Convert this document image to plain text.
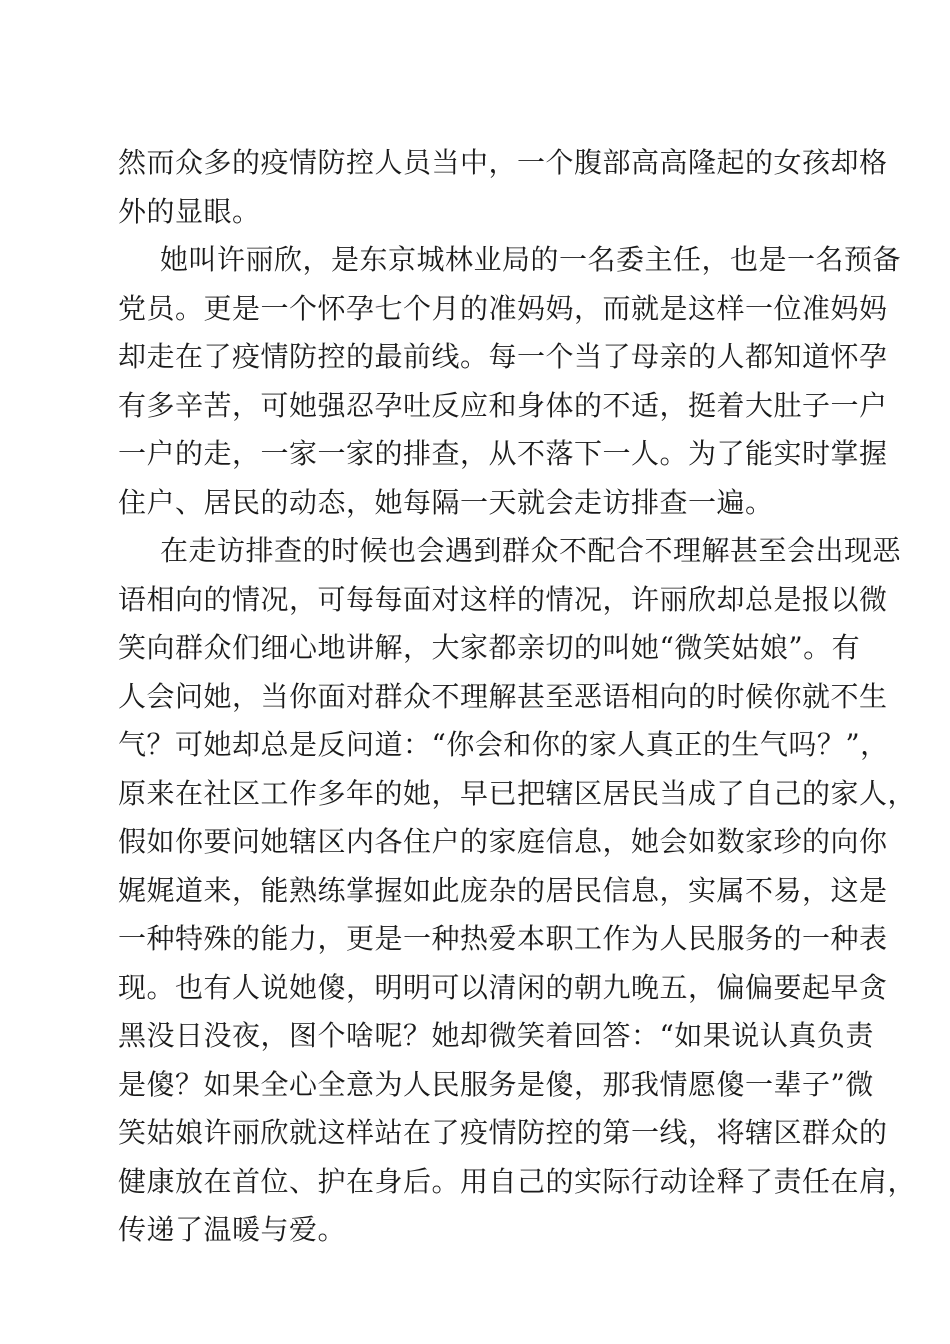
然而众多的疫情防控人员当中，一个腹部高高隆起的女孩却格
外的显眼。
她叫许丽欣，是东京城林业局的一名委主任，也是一名预备
党员。更是一个怀孕七个月的准妈妈，而就是这样一位准妈妈
却走在了疫情防控的最前线。每一个当了母亲的人都知道怀孕
有多辛苦，可她强忍孕吐反应和身体的不适，挺着大肚子一户
一户的走，一家一家的排查，从不落下一人。为了能实时掌握
住户、居民的动态，她每隔一天就会走访排查一遍。
在走访排查的时候也会遇到群众不配合不理解甚至会出现恶
语相向的情况，可每每面对这样的情况，许丽欣却总是报以微
笑向群众们细心地讲解，大家都亲切的叫她“微笑姑娘”。有
人会问她，当你面对群众不理解甚至恶语相向的时候你就不生
气？可她却总是反问道：“你会和你的家人真正的生气吗？”，
原来在社区工作多年的她，早已把辖区居民当成了自己的家人，
假如你要问她辖区内各住户的家庭信息，她会如数家珍的向你
娓娓道来，能熟练掌握如此庞杂的居民信息，实属不易，这是
一种特殊的能力，更是一种热爱本职工作为人民服务的一种表
现。也有人说她傻，明明可以清闲的朝九晚五，偏偏要起早贪
黑没日没夜，图个啥呢？她却微笑着回答：“如果说认真负责
是傻？如果全心全意为人民服务是傻，那我情愿傻一辈子”微
笑姑娘许丽欣就这样站在了疫情防控的第一线，将辖区群众的
健康放在首位、护在身后。用自己的实际行动诠释了责任在肩，
传递了温暖与爱。
